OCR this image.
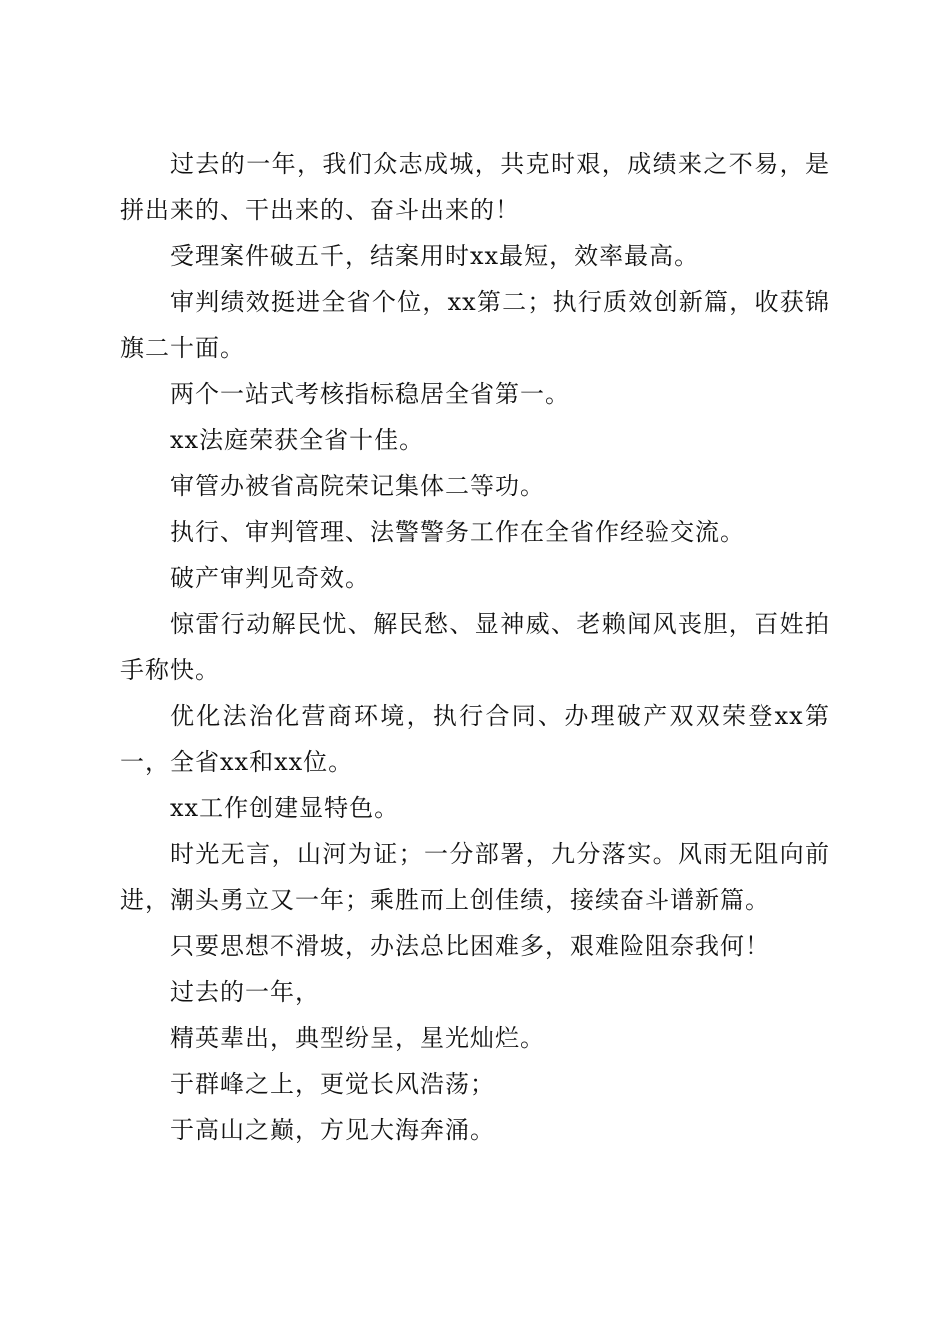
过去的一年，我们众志成城，共克时艰，成绩来之不易，是拼出来的、干出来的、奋斗出来的！

受理案件破五千，结案用时xx最短，效率最高。

审判绩效挺进全省个位，xx第二；执行质效创新篇，收获锦旗二十面。

两个一站式考核指标稳居全省第一。

xx法庭荣获全省十佳。

审管办被省高院荣记集体二等功。

执行、审判管理、法警警务工作在全省作经验交流。

破产审判见奇效。

惊雷行动解民忧、解民愁、显神威、老赖闻风丧胆，百姓拍手称快。

优化法治化营商环境，执行合同、办理破产双双荣登xx第一，全省xx和xx位。

xx工作创建显特色。

时光无言，山河为证；一分部署，九分落实。风雨无阻向前进，潮头勇立又一年；乘胜而上创佳绩，接续奋斗谱新篇。

只要思想不滑坡，办法总比困难多，艰难险阻奈我何！

过去的一年，

精英辈出，典型纷呈，星光灿烂。

于群峰之上，更觉长风浩荡；

于高山之巅，方见大海奔涌。
